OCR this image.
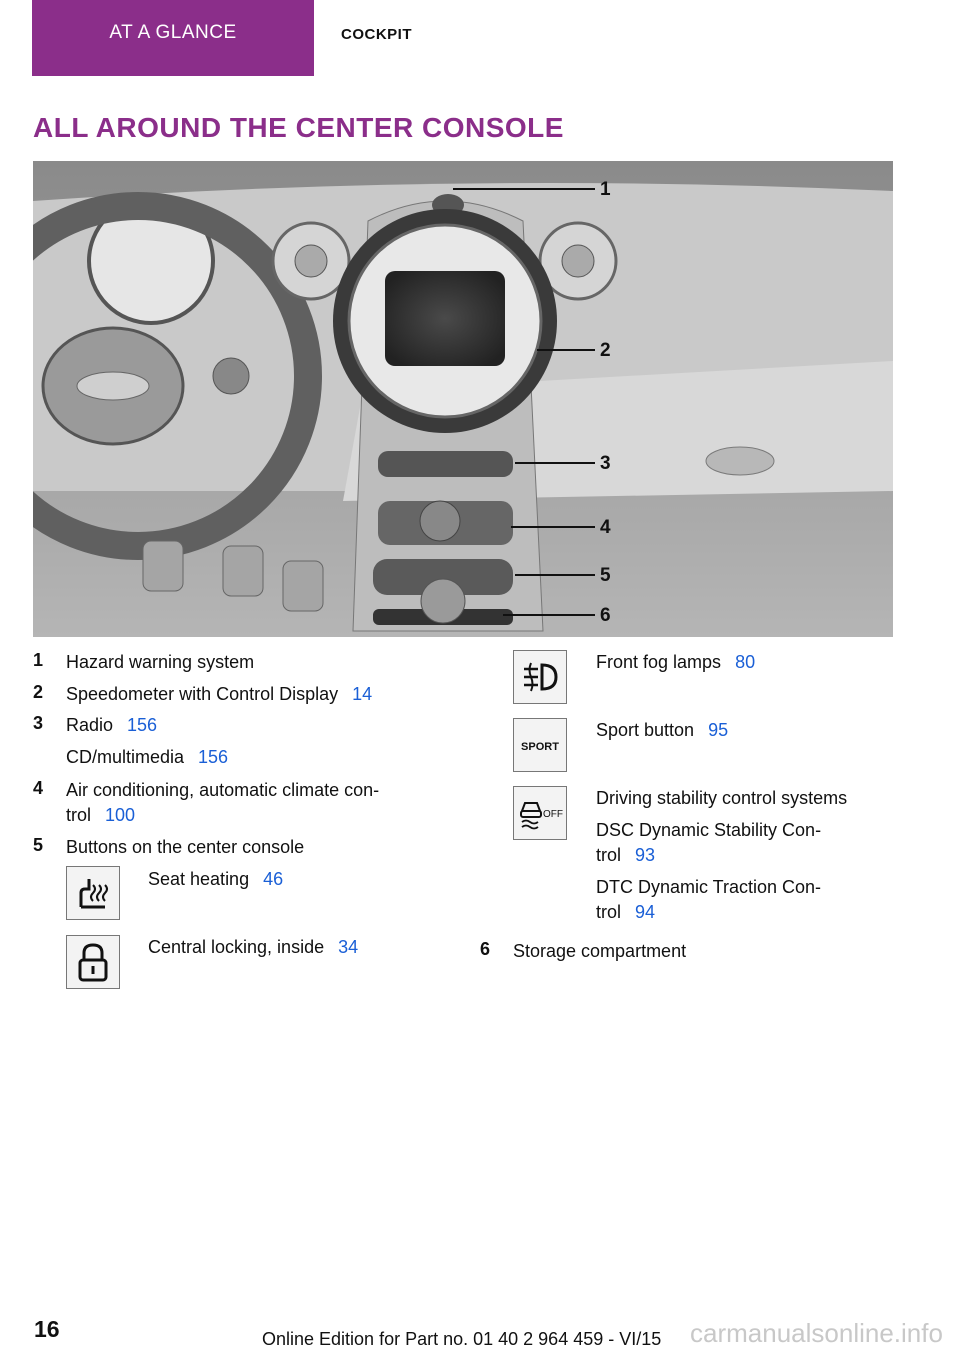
AT A GLANCE	COCKPIT
ALL AROUND THE CENTER CONSOLE
1
2
3
4
5
6
1 Hazard warning system
2 Speedometer with Control Display 14
3 Radio 156
CD/multimedia 156
4 Air conditioning, automatic climate con‐
trol 100
5 Buttons on the center console
Seat heating 46
Central locking, inside 34
Front fog lamps 80
SPORT
Sport button 95
OFF
Driving stability control systems
DSC Dynamic Stability Con‐
trol 93
DTC Dynamic Traction Con‐
trol 94
6 Storage compartment
16	Online Edition for Part no. 01 40 2 964 459 - VI/15 carmanualsonline.info
